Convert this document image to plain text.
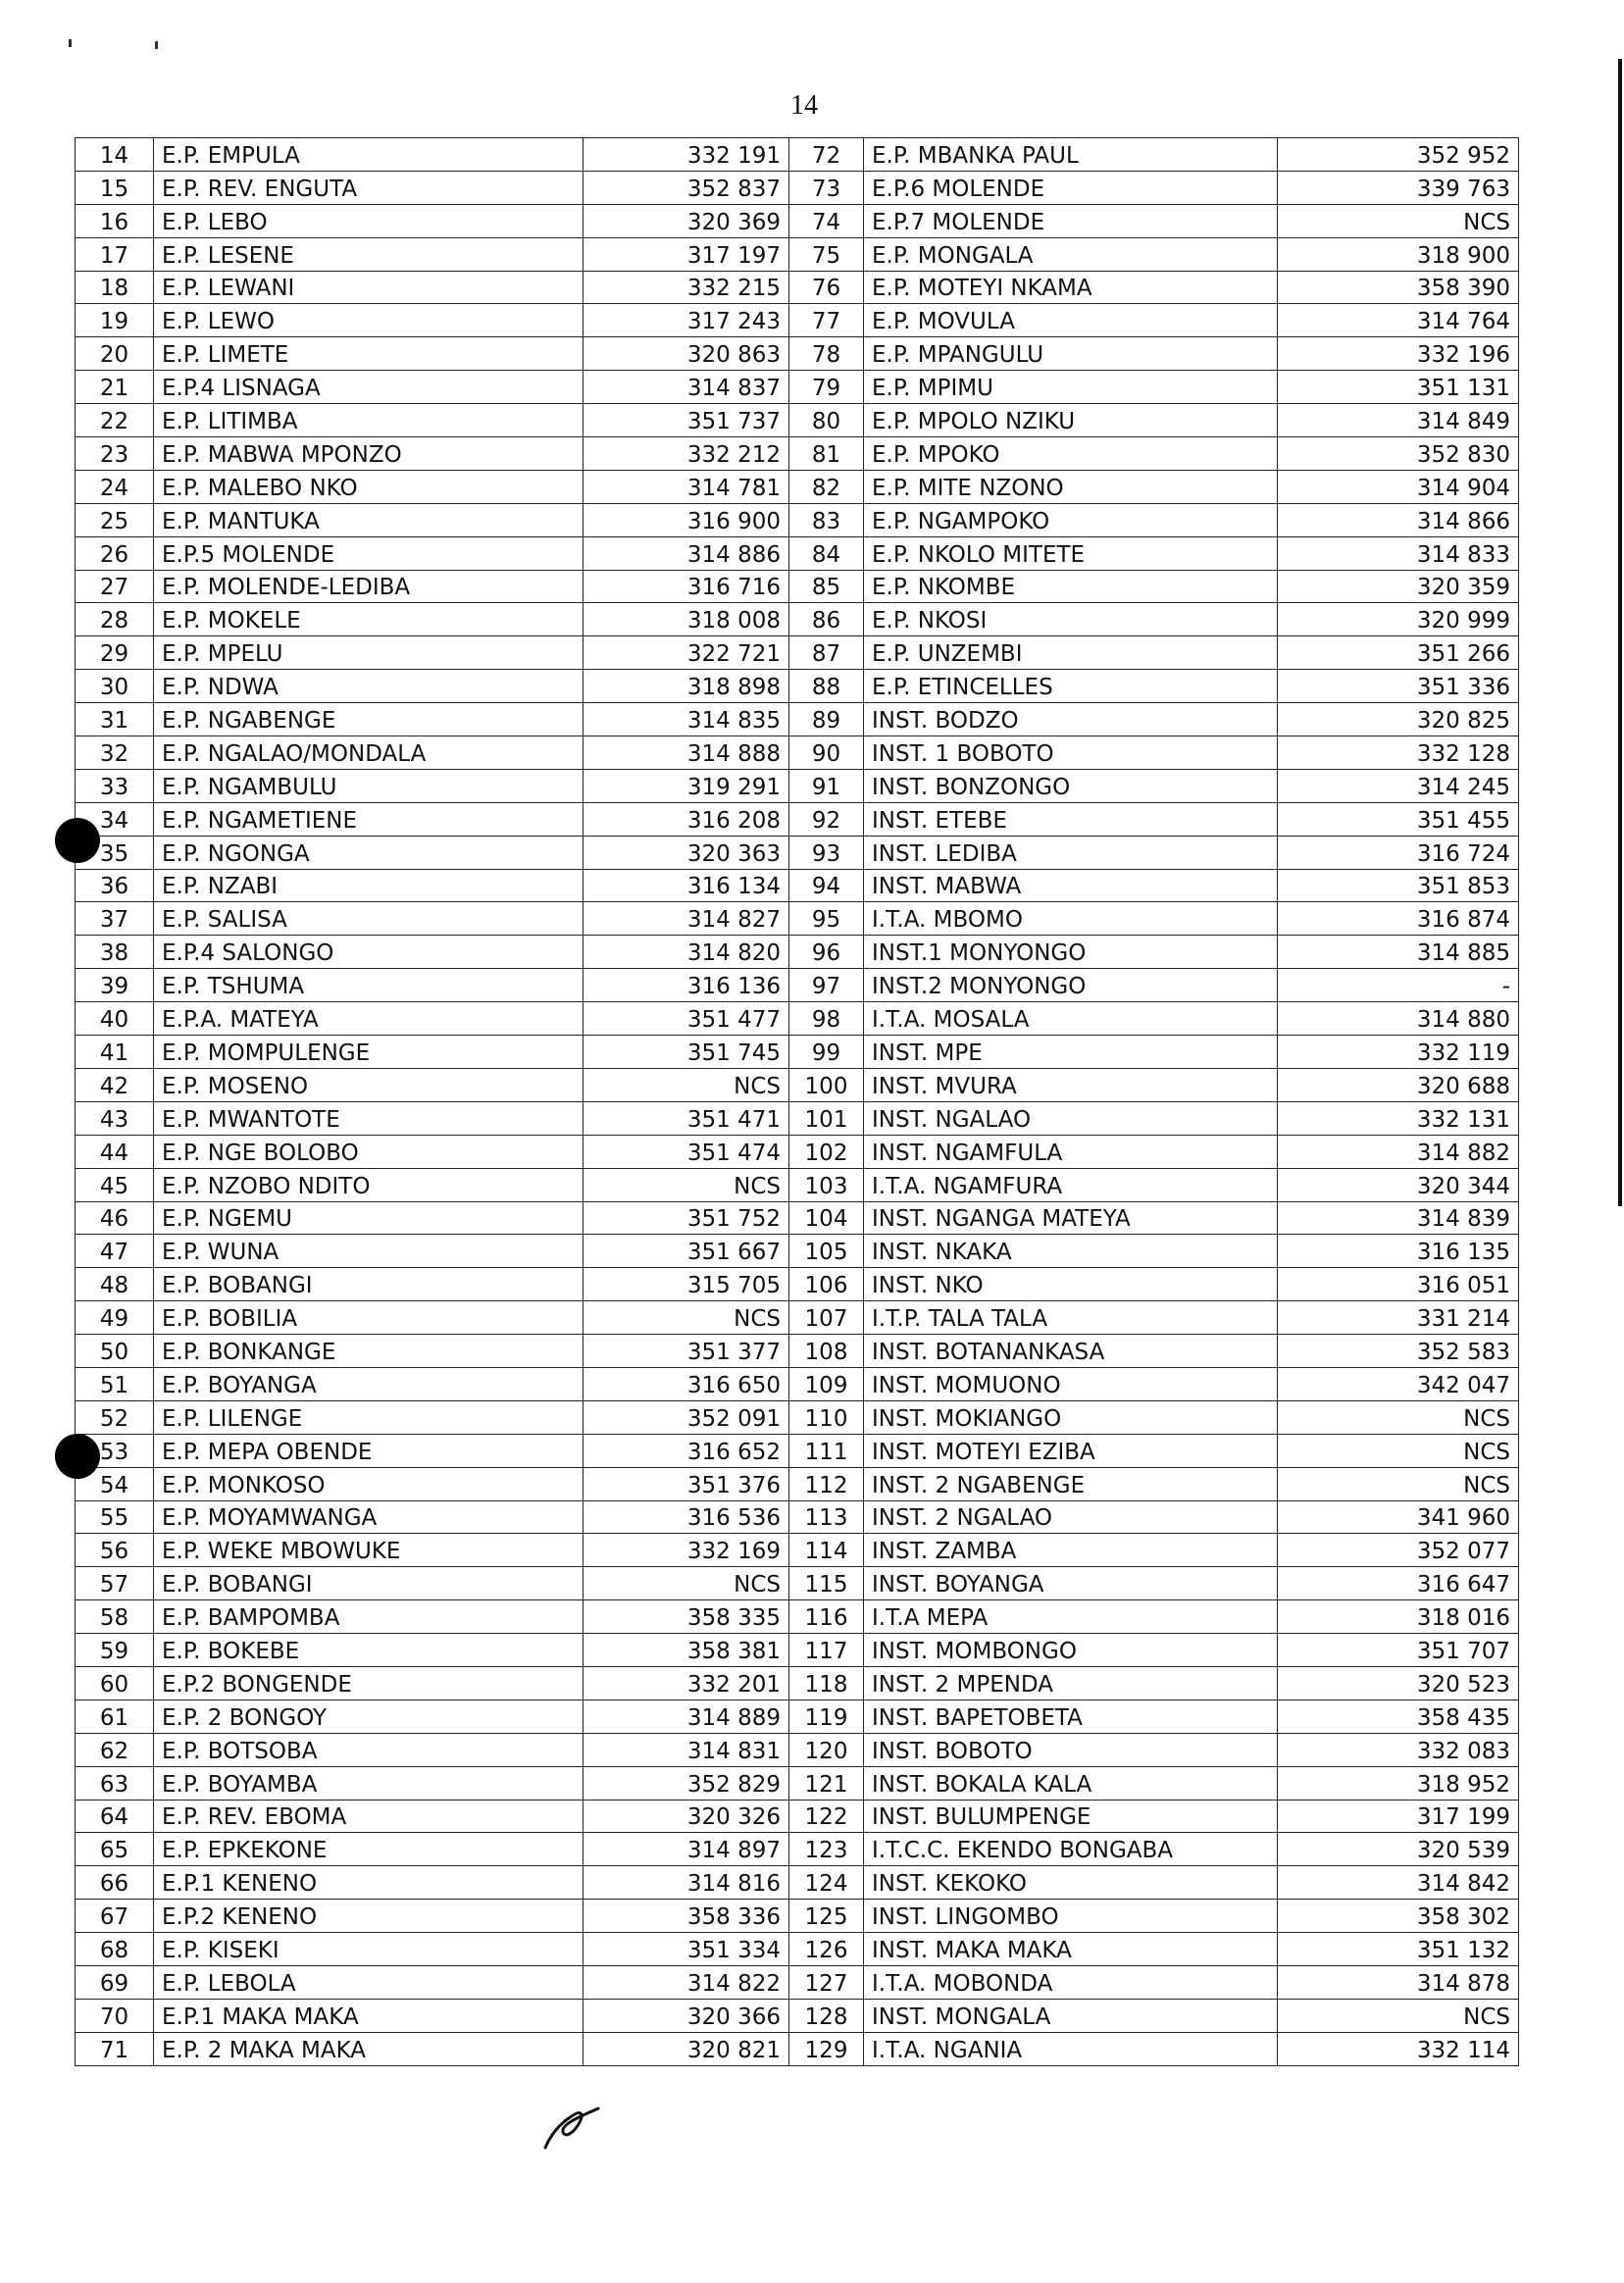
14
14	E.P. EMPULA	332 191	72	E.P. MBANKA PAUL	352 952
15	E.P. REV. ENGUTA	352 837	73	E.P.6 MOLENDE	339 763
16	E.P. LEBO	320 369	74	E.P.7 MOLENDE	NCS
17	E.P. LESENE	317 197	75	E.P. MONGALA	318 900
18	E.P. LEWANI	332 215	76	E.P. MOTEYI NKAMA	358 390
19	E.P. LEWO	317 243	77	E.P. MOVULA	314 764
20	E.P. LIMETE	320 863	78	E.P. MPANGULU	332 196
21	E.P.4 LISNAGA	314 837	79	E.P. MPIMU	351 131
22	E.P. LITIMBA	351 737	80	E.P. MPOLO NZIKU	314 849
23	E.P. MABWA MPONZO	332 212	81	E.P. MPOKO	352 830
24	E.P. MALEBO NKO	314 781	82	E.P. MITE NZONO	314 904
25	E.P. MANTUKA	316 900	83	E.P. NGAMPOKO	314 866
26	E.P.5 MOLENDE	314 886	84	E.P. NKOLO MITETE	314 833
27	E.P. MOLENDE-LEDIBA	316 716	85	E.P. NKOMBE	320 359
28	E.P. MOKELE	318 008	86	E.P. NKOSI	320 999
29	E.P. MPELU	322 721	87	E.P. UNZEMBI	351 266
30	E.P. NDWA	318 898	88	E.P. ETINCELLES	351 336
31	E.P. NGABENGE	314 835	89	INST. BODZO	320 825
32	E.P. NGALAO/MONDALA	314 888	90	INST. 1 BOBOTO	332 128
33	E.P. NGAMBULU	319 291	91	INST. BONZONGO	314 245
34	E.P. NGAMETIENE	316 208	92	INST. ETEBE	351 455
35	E.P. NGONGA	320 363	93	INST. LEDIBA	316 724
36	E.P. NZABI	316 134	94	INST. MABWA	351 853
37	E.P. SALISA	314 827	95	I.T.A. MBOMO	316 874
38	E.P.4 SALONGO	314 820	96	INST.1 MONYONGO	314 885
39	E.P. TSHUMA	316 136	97	INST.2 MONYONGO	-
40	E.P.A. MATEYA	351 477	98	I.T.A. MOSALA	314 880
41	E.P. MOMPULENGE	351 745	99	INST. MPE	332 119
42	E.P. MOSENO	NCS	100	INST. MVURA	320 688
43	E.P. MWANTOTE	351 471	101	INST. NGALAO	332 131
44	E.P. NGE BOLOBO	351 474	102	INST. NGAMFULA	314 882
45	E.P. NZOBO NDITO	NCS	103	I.T.A. NGAMFURA	320 344
46	E.P. NGEMU	351 752	104	INST. NGANGA MATEYA	314 839
47	E.P. WUNA	351 667	105	INST. NKAKA	316 135
48	E.P. BOBANGI	315 705	106	INST. NKO	316 051
49	E.P. BOBILIA	NCS	107	I.T.P. TALA TALA	331 214
50	E.P. BONKANGE	351 377	108	INST. BOTANANKASA	352 583
51	E.P. BOYANGA	316 650	109	INST. MOMUONO	342 047
52	E.P. LILENGE	352 091	110	INST. MOKIANGO	NCS
53	E.P. MEPA OBENDE	316 652	111	INST. MOTEYI EZIBA	NCS
54	E.P. MONKOSO	351 376	112	INST. 2 NGABENGE	NCS
55	E.P. MOYAMWANGA	316 536	113	INST. 2 NGALAO	341 960
56	E.P. WEKE MBOWUKE	332 169	114	INST. ZAMBA	352 077
57	E.P. BOBANGI	NCS	115	INST. BOYANGA	316 647
58	E.P. BAMPOMBA	358 335	116	I.T.A MEPA	318 016
59	E.P. BOKEBE	358 381	117	INST. MOMBONGO	351 707
60	E.P.2 BONGENDE	332 201	118	INST. 2 MPENDA	320 523
61	E.P. 2 BONGOY	314 889	119	INST. BAPETOBETA	358 435
62	E.P. BOTSOBA	314 831	120	INST. BOBOTO	332 083
63	E.P. BOYAMBA	352 829	121	INST. BOKALA KALA	318 952
64	E.P. REV. EBOMA	320 326	122	INST. BULUMPENGE	317 199
65	E.P. EPKEKONE	314 897	123	I.T.C.C. EKENDO BONGABA	320 539
66	E.P.1 KENENO	314 816	124	INST. KEKOKO	314 842
67	E.P.2 KENENO	358 336	125	INST. LINGOMBO	358 302
68	E.P. KISEKI	351 334	126	INST. MAKA MAKA	351 132
69	E.P. LEBOLA	314 822	127	I.T.A. MOBONDA	314 878
70	E.P.1 MAKA MAKA	320 366	128	INST. MONGALA	NCS
71	E.P. 2 MAKA MAKA	320 821	129	I.T.A. NGANIA	332 114
